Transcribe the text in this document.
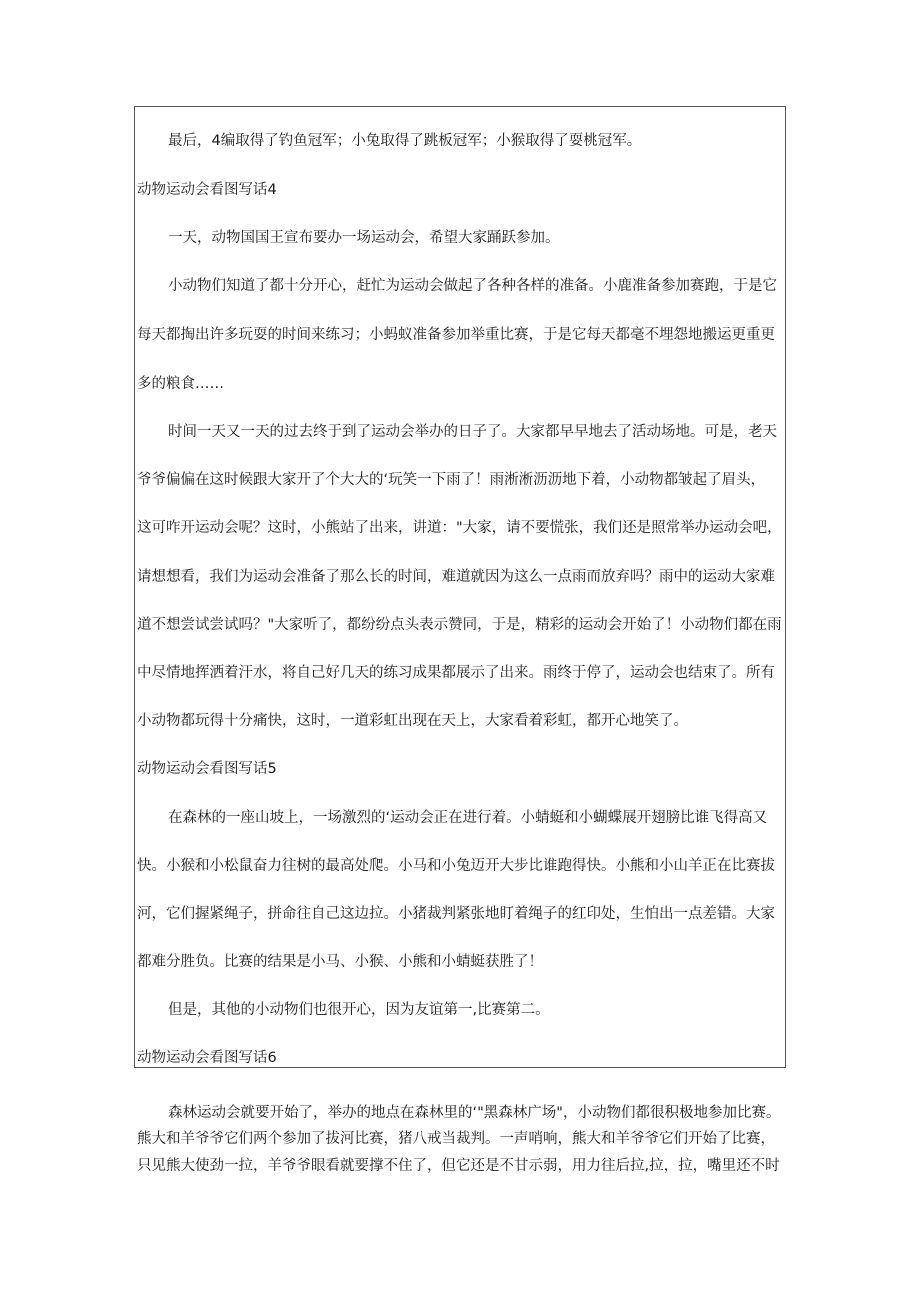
最后，4编取得了钓鱼冠军；小兔取得了跳板冠军；小猴取得了耍桃冠军。
动物运动会看图写话4
一天，动物国国王宣布要办一场运动会，希望大家踊跃参加。
小动物们知道了都十分开心，赶忙为运动会做起了各种各样的准备。小鹿准备参加赛跑，于是它
每天都掏出许多玩耍的时间来练习；小蚂蚁准备参加举重比赛，于是它每天都毫不埋怨地搬运更重更
多的粮食……
时间一天又一天的过去终于到了运动会举办的日子了。大家都早早地去了活动场地。可是，老天
爷爷偏偏在这时候跟大家开了个大大的‘玩笑一下雨了！雨淅淅沥沥地下着，小动物都皱起了眉头，
这可咋开运动会呢？这时，小熊站了出来，讲道："大家，请不要慌张，我们还是照常举办运动会吧，
请想想看，我们为运动会准备了那么长的时间，难道就因为这么一点雨而放弃吗？雨中的运动大家难
道不想尝试尝试吗？"大家听了，都纷纷点头表示赞同，于是，精彩的运动会开始了！小动物们都在雨
中尽情地挥洒着汗水，将自己好几天的练习成果都展示了出来。雨终于停了，运动会也结束了。所有
小动物都玩得十分痛快，这时，一道彩虹出现在天上，大家看着彩虹，都开心地笑了。
动物运动会看图写话5
在森林的一座山坡上，一场激烈的‘运动会正在进行着。小蜻蜓和小蝴蝶展开翅膀比谁飞得高又
快。小猴和小松鼠奋力往树的最高处爬。小马和小兔迈开大步比谁跑得快。小熊和小山羊正在比赛拔
河，它们握紧绳子，拼命往自己这边拉。小猪裁判紧张地盯着绳子的红印处，生怕出一点差错。大家
都难分胜负。比赛的结果是小马、小猴、小熊和小蜻蜓获胜了！
但是，其他的小动物们也很开心，因为友谊第一,比赛第二。
动物运动会看图写话6
森林运动会就要开始了，举办的地点在森林里的‘"黑森林广场"，小动物们都很积极地参加比赛。
熊大和羊爷爷它们两个参加了拔河比赛，猪八戒当裁判。一声哨响，熊大和羊爷爷它们开始了比赛，
只见熊大使劲一拉，羊爷爷眼看就要撑不住了，但它还是不甘示弱，用力往后拉,拉，拉，嘴里还不时
